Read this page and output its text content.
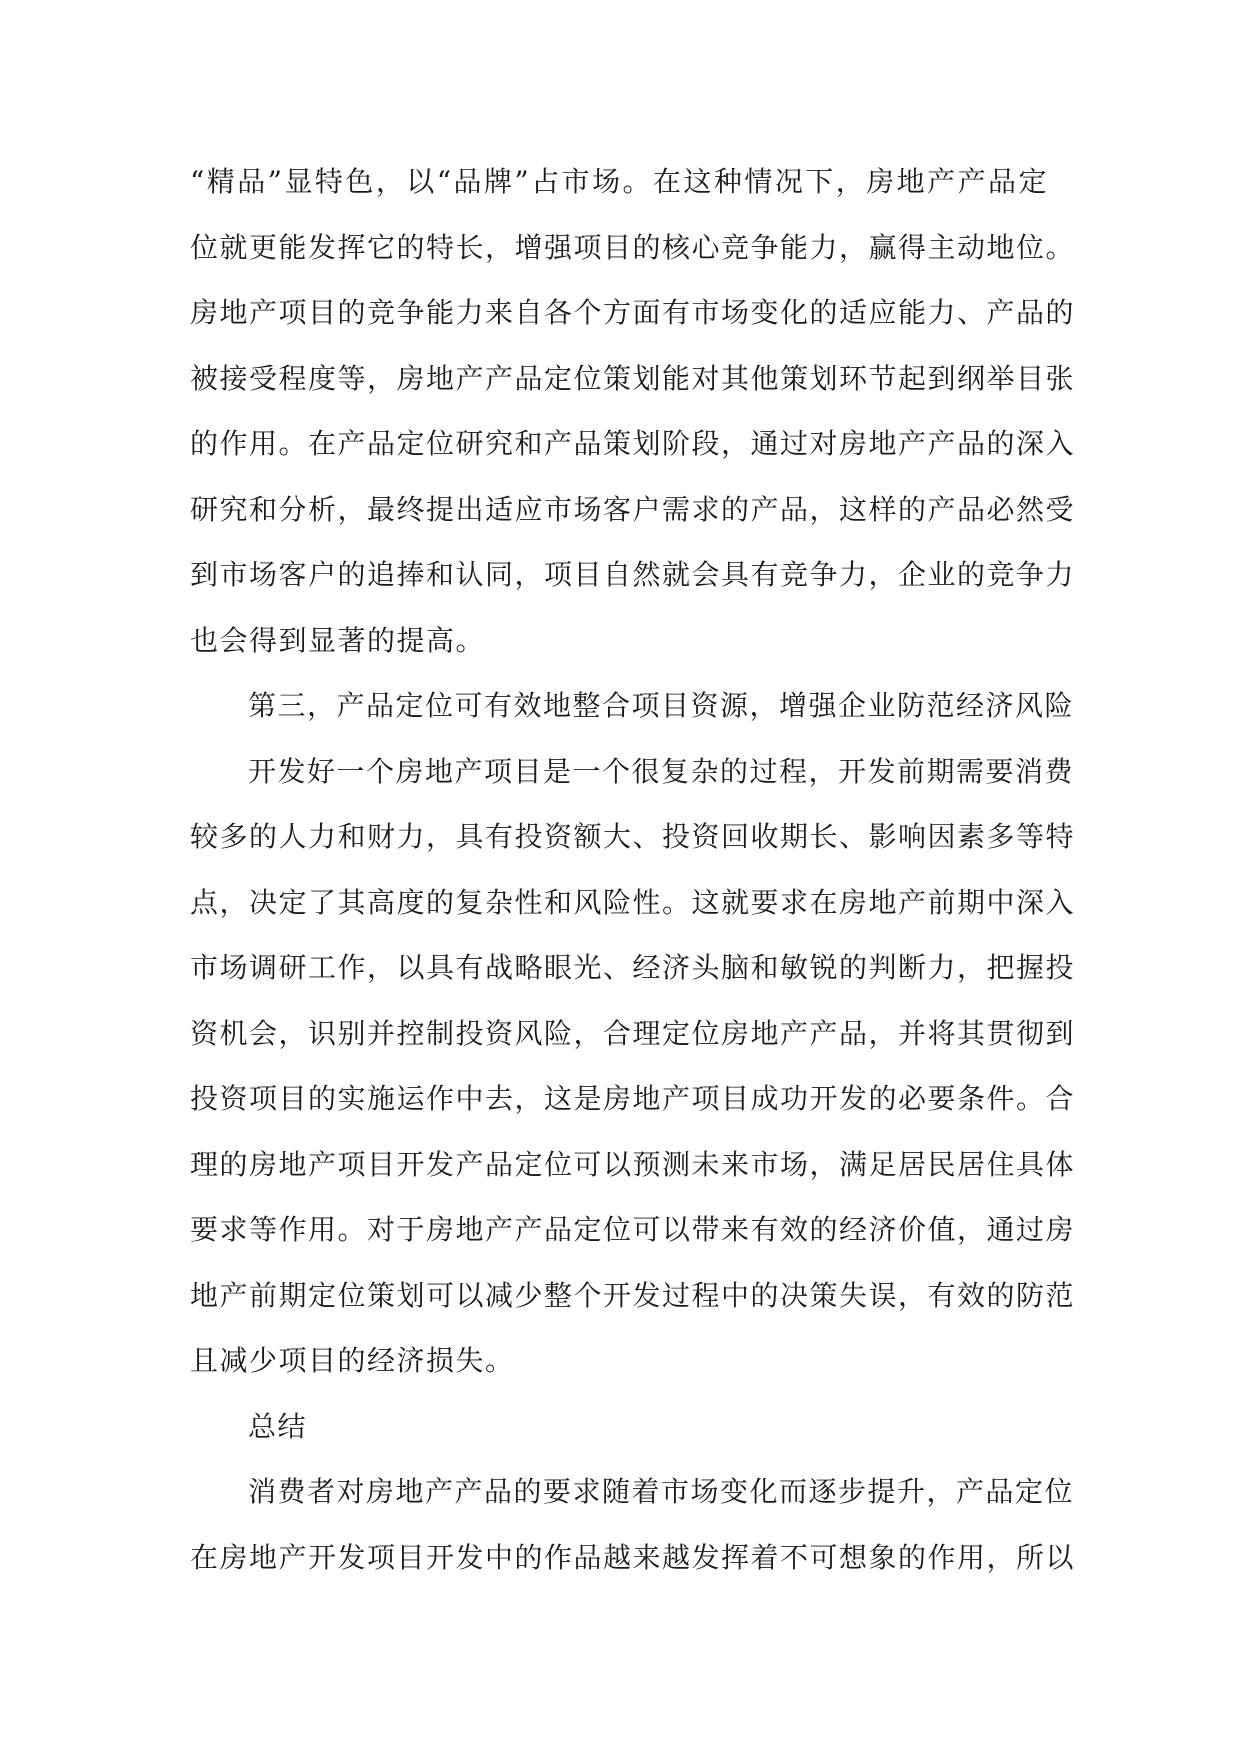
“精品”显特色，以“品牌”占市场。在这种情况下，房地产产品定
位就更能发挥它的特长，增强项目的核心竞争能力，赢得主动地位。
房地产项目的竞争能力来自各个方面有市场变化的适应能力、产品的
被接受程度等，房地产产品定位策划能对其他策划环节起到纲举目张
的作用。在产品定位研究和产品策划阶段，通过对房地产产品的深入
研究和分析，最终提出适应市场客户需求的产品，这样的产品必然受
到市场客户的追捧和认同，项目自然就会具有竞争力，企业的竞争力
也会得到显著的提高。
第三，产品定位可有效地整合项目资源，增强企业防范经济风险
开发好一个房地产项目是一个很复杂的过程，开发前期需要消费
较多的人力和财力，具有投资额大、投资回收期长、影响因素多等特
点，决定了其高度的复杂性和风险性。这就要求在房地产前期中深入
市场调研工作，以具有战略眼光、经济头脑和敏锐的判断力，把握投
资机会，识别并控制投资风险，合理定位房地产产品，并将其贯彻到
投资项目的实施运作中去，这是房地产项目成功开发的必要条件。合
理的房地产项目开发产品定位可以预测未来市场，满足居民居住具体
要求等作用。对于房地产产品定位可以带来有效的经济价值，通过房
地产前期定位策划可以减少整个开发过程中的决策失误，有效的防范
且减少项目的经济损失。
总结
消费者对房地产产品的要求随着市场变化而逐步提升，产品定位
在房地产开发项目开发中的作品越来越发挥着不可想象的作用，所以
